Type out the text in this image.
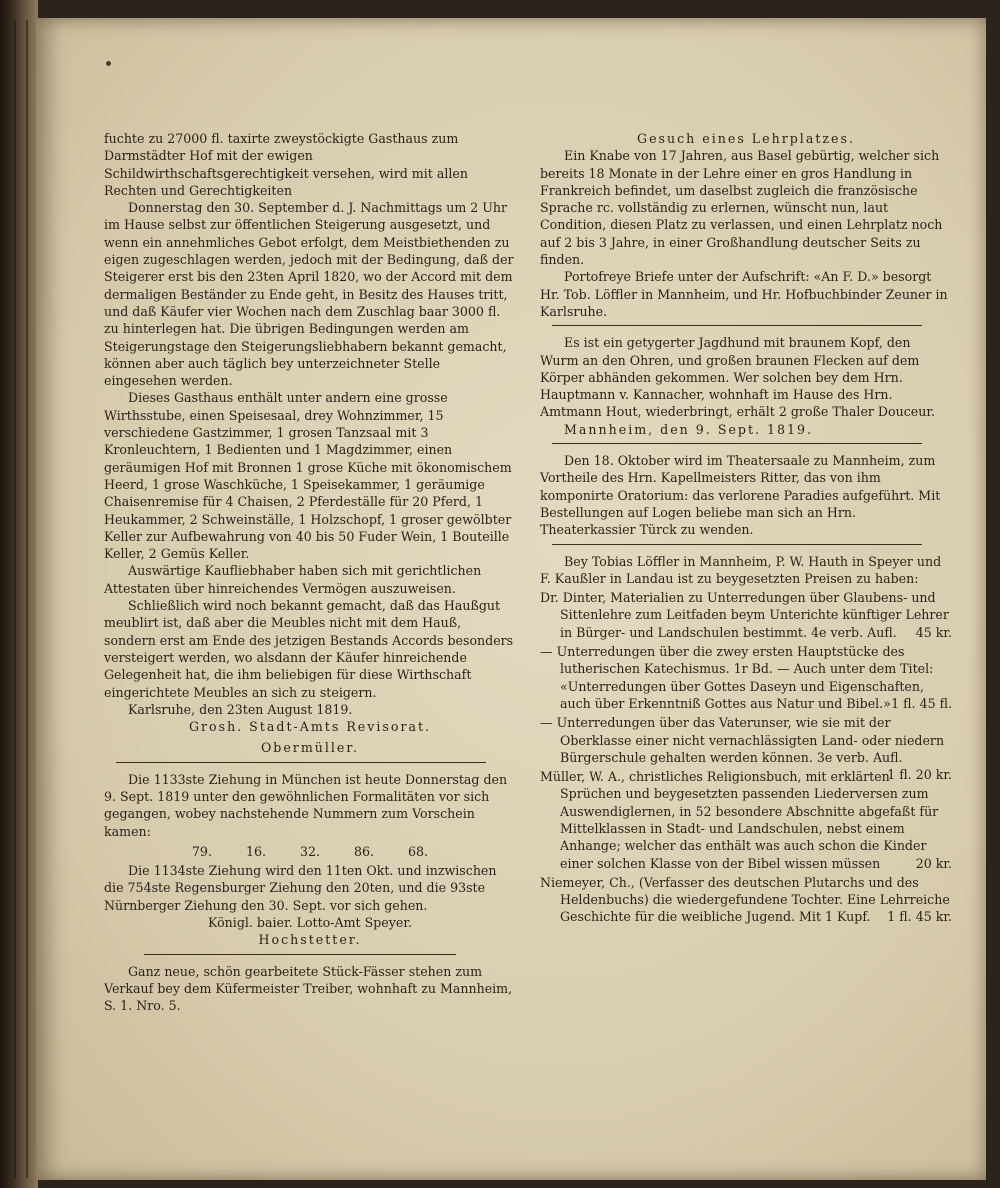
fuchte zu 27000 fl. taxirte zweystöckigte Gasthaus zum Darmstädter Hof mit der ewigen Schildwirthschaftsgerechtigkeit versehen, wird mit allen Rechten und Gerechtigkeiten

Donnerstag den 30. September d. J. Nachmittags um 2 Uhr im Hause selbst zur öffentlichen Steigerung ausgesetzt, und wenn ein annehmliches Gebot erfolgt, dem Meistbiethenden zu eigen zugeschlagen werden, jedoch mit der Bedingung, daß der Steigerer erst bis den 23ten April 1820, wo der Accord mit dem dermaligen Beständer zu Ende geht, in Besitz des Hauses tritt, und daß Käufer vier Wochen nach dem Zuschlag baar 3000 fl. zu hinterlegen hat. Die übrigen Bedingungen werden am Steigerungstage den Steigerungsliebhabern bekannt gemacht, können aber auch täglich bey unterzeichneter Stelle eingesehen werden.

Dieses Gasthaus enthält unter andern eine grosse Wirthsstube, einen Speisesaal, drey Wohnzimmer, 15 verschiedene Gastzimmer, 1 grosen Tanzsaal mit 3 Kronleuchtern, 1 Bedienten und 1 Magdzimmer, einen geräumigen Hof mit Bronnen 1 grose Küche mit ökonomischem Heerd, 1 grose Waschküche, 1 Speisekammer, 1 geräumige Chaisenremise für 4 Chaisen, 2 Pferdeställe für 20 Pferd, 1 Heukammer, 2 Schweinställe, 1 Holzschopf, 1 groser gewölbter Keller zur Aufbewahrung von 40 bis 50 Fuder Wein, 1 Bouteille Keller, 2 Gemüs Keller.

Auswärtige Kaufliebhaber haben sich mit gerichtlichen Attestaten über hinreichendes Vermögen auszuweisen.

Schließlich wird noch bekannt gemacht, daß das Haußgut meublirt ist, daß aber die Meubles nicht mit dem Hauß, sondern erst am Ende des jetzigen Bestands Accords besonders versteigert werden, wo alsdann der Käufer hinreichende Gelegenheit hat, die ihm beliebigen für diese Wirthschaft eingerichtete Meubles an sich zu steigern.

Karlsruhe, den 23ten August 1819.

Grosh. Stadt-Amts Revisorat.

Obermüller.

Die 1133ste Ziehung in München ist heute Donnerstag den 9. Sept. 1819 unter den gewöhnlichen Formalitäten vor sich gegangen, wobey nachstehende Nummern zum Vorschein kamen:

79. 16. 32. 86. 68.

Die 1134ste Ziehung wird den 11ten Okt. und inzwischen die 754ste Regensburger Ziehung den 20ten, und die 93ste Nürnberger Ziehung den 30. Sept. vor sich gehen.

Königl. baier. Lotto-Amt Speyer.

Hochstetter.

Ganz neue, schön gearbeitete Stück-Fässer stehen zum Verkauf bey dem Küfermeister Treiber, wohnhaft zu Mannheim, S. 1. Nro. 5.

Gesuch eines Lehrplatzes.

Ein Knabe von 17 Jahren, aus Basel gebürtig, welcher sich bereits 18 Monate in der Lehre einer en gros Handlung in Frankreich befindet, um daselbst zugleich die französische Sprache rc. vollständig zu erlernen, wünscht nun, laut Condition, diesen Platz zu verlassen, und einen Lehrplatz noch auf 2 bis 3 Jahre, in einer Großhandlung deutscher Seits zu finden.

Portofreye Briefe unter der Aufschrift: «An F. D.» besorgt Hr. Tob. Löffler in Mannheim, und Hr. Hofbuchbinder Zeuner in Karlsruhe.

Es ist ein getygerter Jagdhund mit braunem Kopf, den Wurm an den Ohren, und großen braunen Flecken auf dem Körper abhänden gekommen. Wer solchen bey dem Hrn. Hauptmann v. Kannacher, wohnhaft im Hause des Hrn. Amtmann Hout, wiederbringt, erhält 2 große Thaler Douceur.

Mannheim, den 9. Sept. 1819.

Den 18. Oktober wird im Theatersaale zu Mannheim, zum Vortheile des Hrn. Kapellmeisters Ritter, das von ihm komponirte Oratorium: das verlorene Paradies aufgeführt. Mit Bestellungen auf Logen beliebe man sich an Hrn. Theaterkassier Türck zu wenden.

Bey Tobias Löffler in Mannheim, P. W. Hauth in Speyer und F. Kaußler in Landau ist zu beygesetzten Preisen zu haben:

Dr. Dinter, Materialien zu Unterredungen über Glaubens- und Sittenlehre zum Leitfaden beym Unterichte künftiger Lehrer in Bürger- und Landschulen bestimmt. 4e verb. Aufl. 45 kr.
— Unterredungen über die zwey ersten Hauptstücke des lutherischen Katechismus. 1r Bd. — Auch unter dem Titel: «Unterredungen über Gottes Daseyn und Eigenschaften, auch über Erkenntniß Gottes aus Natur und Bibel.» 1 fl. 45 fl.
— Unterredungen über das Vaterunser, wie sie mit der Oberklasse einer nicht vernachlässigten Land- oder niedern Bürgerschule gehalten werden können. 3e verb. Aufl.
1 fl. 20 kr.
Müller, W. A., christliches Religionsbuch, mit erklärten Sprüchen und beygesetzten passenden Liederversen zum Auswendiglernen, in 52 besondere Abschnitte abgefaßt für Mittelklassen in Stadt- und Landschulen, nebst einem Anhange; welcher das enthält was auch schon die Kinder einer solchen Klasse von der Bibel wissen müssen	20 kr.
Niemeyer, Ch., (Verfasser des deutschen Plutarchs und des Heldenbuchs) die wiedergefundene Tochter. Eine Lehrreiche Geschichte für die weibliche Jugend. Mit 1 Kupf. 1 fl. 45 kr.
